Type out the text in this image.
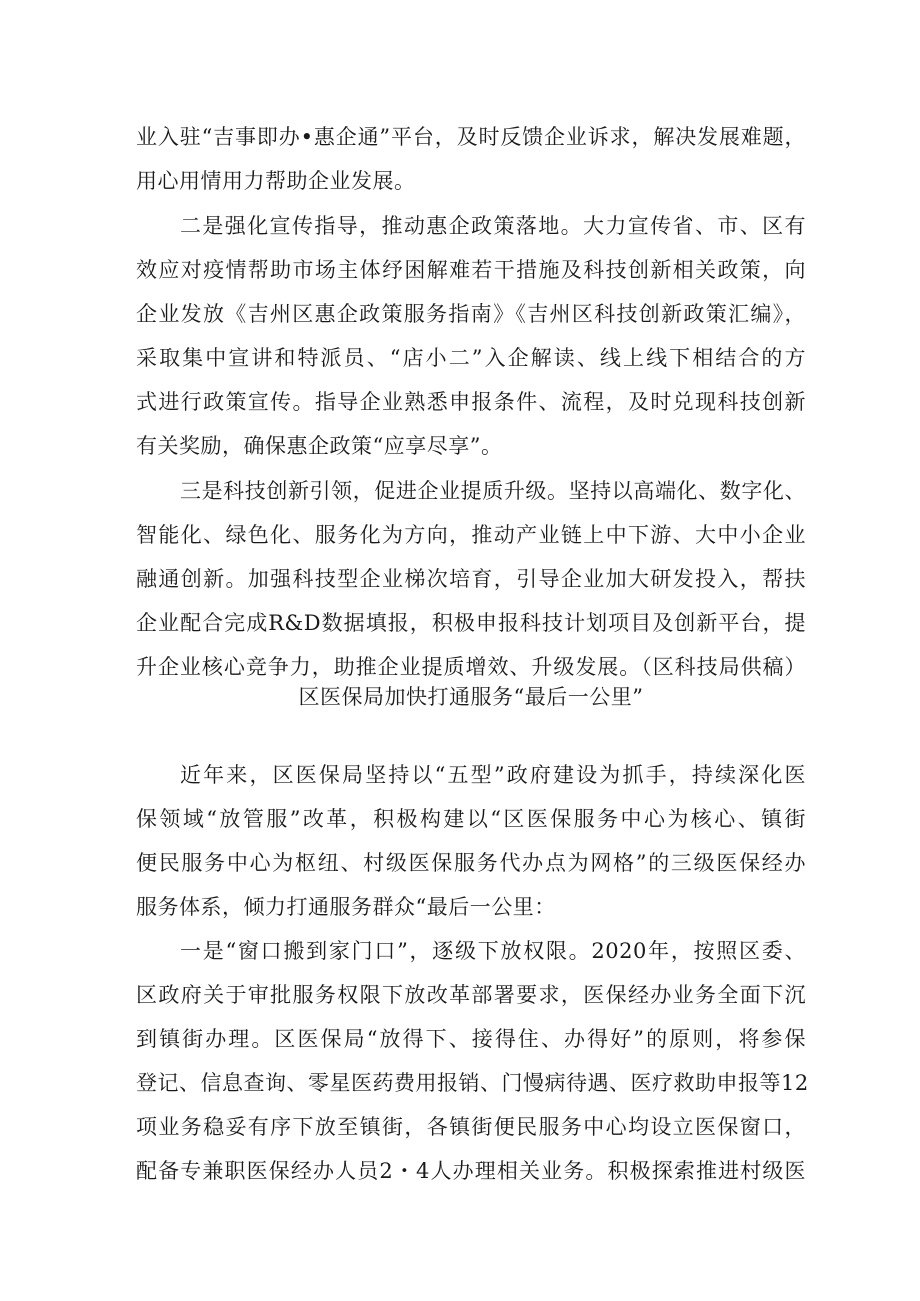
业入驻“吉事即办•惠企通”平台，及时反馈企业诉求，解决发展难题，
用心用情用力帮助企业发展。
二是强化宣传指导，推动惠企政策落地。大力宣传省、市、区有
效应对疫情帮助市场主体纾困解难若干措施及科技创新相关政策，向
企业发放《吉州区惠企政策服务指南》《吉州区科技创新政策汇编》，
采取集中宣讲和特派员、“店小二”入企解读、线上线下相结合的方
式进行政策宣传。指导企业熟悉申报条件、流程，及时兑现科技创新
有关奖励，确保惠企政策“应享尽享”。
三是科技创新引领，促进企业提质升级。坚持以高端化、数字化、
智能化、绿色化、服务化为方向，推动产业链上中下游、大中小企业
融通创新。加强科技型企业梯次培育，引导企业加大研发投入，帮扶
企业配合完成R&D数据填报，积极申报科技计划项目及创新平台，提
升企业核心竞争力，助推企业提质增效、升级发展。（区科技局供稿）
区医保局加快打通服务“最后一公里”
近年来，区医保局坚持以“五型”政府建设为抓手，持续深化医
保领域“放管服”改革，积极构建以“区医保服务中心为核心、镇街
便民服务中心为枢纽、村级医保服务代办点为网格”的三级医保经办
服务体系，倾力打通服务群众“最后一公里：
一是“窗口搬到家门口”，逐级下放权限。2020年，按照区委、
区政府关于审批服务权限下放改革部署要求，医保经办业务全面下沉
到镇街办理。区医保局“放得下、接得住、办得好”的原则，将参保
登记、信息查询、零星医药费用报销、门慢病待遇、医疗救助申报等12
项业务稳妥有序下放至镇街，各镇街便民服务中心均设立医保窗口，
配备专兼职医保经办人员2・4人办理相关业务。积极探索推进村级医
